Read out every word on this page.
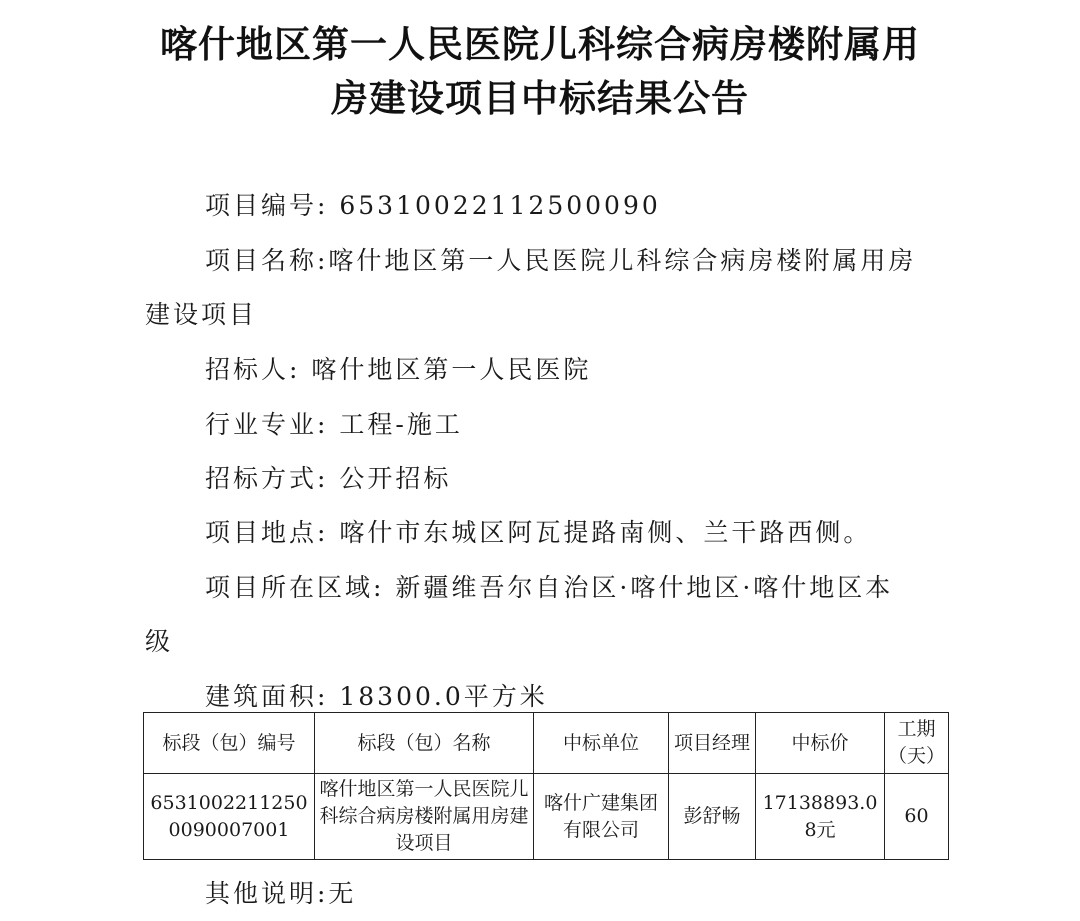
喀什地区第一人民医院儿科综合病房楼附属用
房建设项目中标结果公告
项目编号: 65310022112500090
项目名称:喀什地区第一人民医院儿科综合病房楼附属用房
建设项目
招标人: 喀什地区第一人民医院
行业专业: 工程-施工
招标方式: 公开招标
项目地点: 喀什市东城区阿瓦提路南侧、兰干路西侧。
项目所在区域: 新疆维吾尔自治区·喀什地区·喀什地区本
级
建筑面积: 18300.0平方米
标段（包）编号	标段（包）名称	中标单位	项目经理	中标价	工期（天）
65310022112500090007001	喀什地区第一人民医院儿科综合病房楼附属用房建设项目	喀什广建集团有限公司	彭舒畅	17138893.08元	60
其他说明:无
